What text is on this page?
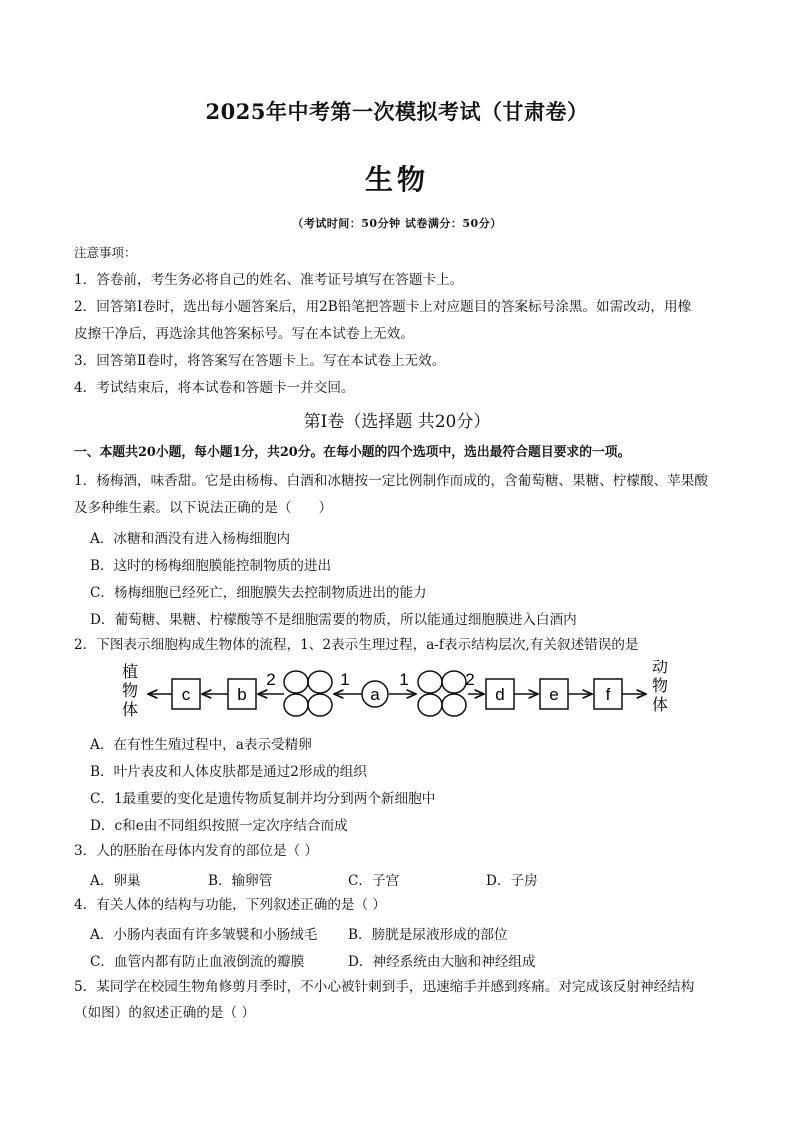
2025年中考第一次模拟考试（甘肃卷）
生物
（考试时间：50分钟 试卷满分：50分）
注意事项：
1．答卷前，考生务必将自己的姓名、准考证号填写在答题卡上。
2．回答第Ⅰ卷时，选出每小题答案后，用2B铅笔把答题卡上对应题目的答案标号涂黑。如需改动，用橡
皮擦干净后，再选涂其他答案标号。写在本试卷上无效。
3．回答第Ⅱ卷时，将答案写在答题卡上。写在本试卷上无效。
4．考试结束后，将本试卷和答题卡一并交回。
第Ⅰ卷（选择题 共20分）
一、本题共20小题，每小题1分，共20分。在每小题的四个选项中，选出最符合题目要求的一项。
1．杨梅酒，味香甜。它是由杨梅、白酒和冰糖按一定比例制作而成的，含葡萄糖、果糖、柠檬酸、苹果酸
及多种维生素。以下说法正确的是（　　）
A．冰糖和酒没有进入杨梅细胞内
B．这时的杨梅细胞膜能控制物质的进出
C．杨梅细胞已经死亡，细胞膜失去控制物质进出的能力
D．葡萄糖、果糖、柠檬酸等不是细胞需要的物质，所以能通过细胞膜进入白酒内
2．下图表示细胞构成生物体的流程，1、2表示生理过程，a-f表示结构层次,有关叙述错误的是
植
物
体
c	b
2	1
a
1	2
d	e	f
动
物
体
A．在有性生殖过程中，a表示受精卵
B．叶片表皮和人体皮肤都是通过2形成的组织
C．1最重要的变化是遗传物质复制并均分到两个新细胞中
D．c和e由不同组织按照一定次序结合而成
3．人的胚胎在母体内发育的部位是（ ）
A．卵巢	B．输卵管	C．子宫	D．子房
4．有关人体的结构与功能，下列叙述正确的是（ ）
A．小肠内表面有许多皱襞和小肠绒毛 B．膀胱是尿液形成的部位
C．血管内都有防止血液倒流的瓣膜	D．神经系统由大脑和神经组成
5．某同学在校园生物角修剪月季时，不小心被针刺到手，迅速缩手并感到疼痛。对完成该反射神经结构
（如图）的叙述正确的是（ ）
